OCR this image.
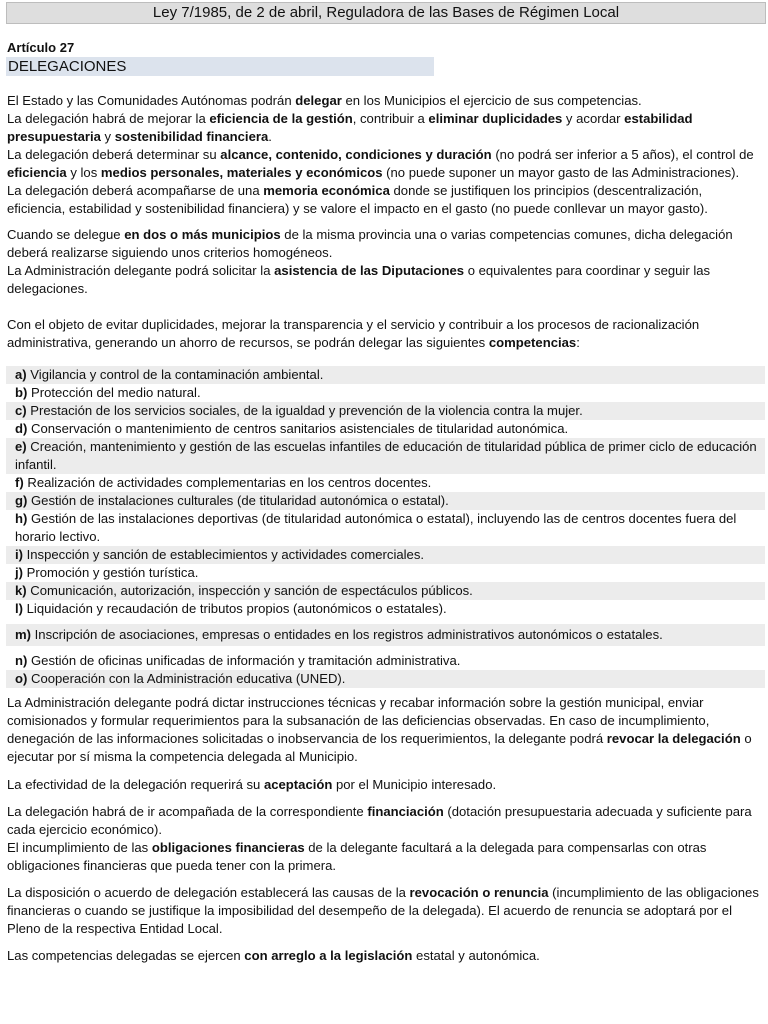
Ley 7/1985, de 2 de abril, Reguladora de las Bases de Régimen Local
Artículo 27
DELEGACIONES

El Estado y las Comunidades Autónomas podrán delegar en los Municipios el ejercicio de sus competencias.

La delegación habrá de mejorar la eficiencia de la gestión, contribuir a eliminar duplicidades y acordar estabilidad presupuestaria y sostenibilidad financiera.

La delegación deberá determinar su alcance, contenido, condiciones y duración (no podrá ser inferior a 5 años), el control de eficiencia y los medios personales, materiales y económicos (no puede suponer un mayor gasto de las Administraciones).

La delegación deberá acompañarse de una memoria económica donde se justifiquen los principios (descentralización, eficiencia, estabilidad y sostenibilidad financiera) y se valore el impacto en el gasto (no puede conllevar un mayor gasto).

Cuando se delegue en dos o más municipios de la misma provincia una o varias competencias comunes, dicha delegación deberá realizarse siguiendo unos criterios homogéneos.

La Administración delegante podrá solicitar la asistencia de las Diputaciones o equivalentes para coordinar y seguir las delegaciones.

Con el objeto de evitar duplicidades, mejorar la transparencia y el servicio y contribuir a los procesos de racionalización administrativa, generando un ahorro de recursos, se podrán delegar las siguientes competencias:

a) Vigilancia y control de la contaminación ambiental.
b) Protección del medio natural.
c) Prestación de los servicios sociales, de la igualdad y prevención de la violencia contra la mujer.
d) Conservación o mantenimiento de centros sanitarios asistenciales de titularidad autonómica.
e) Creación, mantenimiento y gestión de las escuelas infantiles de educación de titularidad pública de primer ciclo de educación infantil.
f) Realización de actividades complementarias en los centros docentes.
g) Gestión de instalaciones culturales (de titularidad autonómica o estatal).
h) Gestión de las instalaciones deportivas (de titularidad autonómica o estatal), incluyendo las de centros docentes fuera del horario lectivo.
i) Inspección y sanción de establecimientos y actividades comerciales.
j) Promoción y gestión turística.
k) Comunicación, autorización, inspección y sanción de espectáculos públicos.
l) Liquidación y recaudación de tributos propios (autonómicos o estatales).
m) Inscripción de asociaciones, empresas o entidades en los registros administrativos autonómicos o estatales.
n) Gestión de oficinas unificadas de información y tramitación administrativa.
o) Cooperación con la Administración educativa (UNED).

La Administración delegante podrá dictar instrucciones técnicas y recabar información sobre la gestión municipal, enviar comisionados y formular requerimientos para la subsanación de las deficiencias observadas. En caso de incumplimiento, denegación de las informaciones solicitadas o inobservancia de los requerimientos, la delegante podrá revocar la delegación o ejecutar por sí misma la competencia delegada al Municipio.

La efectividad de la delegación requerirá su aceptación por el Municipio interesado.

La delegación habrá de ir acompañada de la correspondiente financiación (dotación presupuestaria adecuada y suficiente para cada ejercicio económico).

El incumplimiento de las obligaciones financieras de la delegante facultará a la delegada para compensarlas con otras obligaciones financieras que pueda tener con la primera.

La disposición o acuerdo de delegación establecerá las causas de la revocación o renuncia (incumplimiento de las obligaciones financieras o cuando se justifique la imposibilidad del desempeño de la delegada). El acuerdo de renuncia se adoptará por el Pleno de la respectiva Entidad Local.

Las competencias delegadas se ejercen con arreglo a la legislación estatal y autonómica.
